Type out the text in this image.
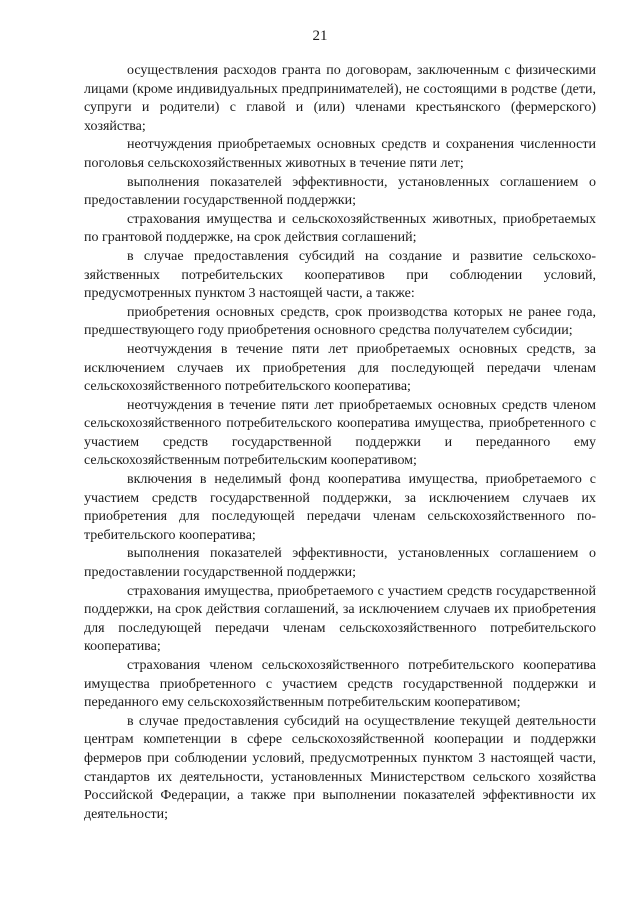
21

осуществления расходов гранта по договорам, заключенным с физическими лицами (кроме индивидуальных предпринимателей), не состоящими в родстве (дети, супруги и родители) с главой и (или) членами крестьянского (фермерского) хозяйства;

неотчуждения приобретаемых основных средств и сохранения численности поголовья сельскохозяйственных животных в течение пяти лет;

выполнения показателей эффективности, установленных соглашением о предоставлении государственной поддержки;

страхования имущества и сельскохозяйственных животных, приобретаемых по грантовой поддержке, на срок действия соглашений;

в случае предоставления субсидий на создание и развитие сельскохозяйственных потребительских кооперативов при соблюдении условий, предусмотренных пунктом 3 настоящей части, а также:

приобретения основных средств, срок производства которых не ранее года, предшествующего году приобретения основного средства получателем субсидии;

неотчуждения в течение пяти лет приобретаемых основных средств, за исключением случаев их приобретения для последующей передачи членам сельскохозяйственного потребительского кооператива;

неотчуждения в течение пяти лет приобретаемых основных средств членом сельскохозяйственного потребительского кооператива имущества, приобретенного с участием средств государственной поддержки и переданного ему сельскохозяйственным потребительским кооперативом;

включения в неделимый фонд кооператива имущества, приобретаемого с участием средств государственной поддержки, за исключением случаев их приобретения для последующей передачи членам сельскохозяйственного потребительского кооператива;

выполнения показателей эффективности, установленных соглашением о предоставлении государственной поддержки;

страхования имущества, приобретаемого с участием средств государственной поддержки, на срок действия соглашений, за исключением случаев их приобретения для последующей передачи членам сельскохозяйственного потребительского кооператива;

страхования членом сельскохозяйственного потребительского кооператива имущества приобретенного с участием средств государственной поддержки и переданного ему сельскохозяйственным потребительским кооперативом;

в случае предоставления субсидий на осуществление текущей деятельности центрам компетенции в сфере сельскохозяйственной кооперации и поддержки фермеров при соблюдении условий, предусмотренных пунктом 3 настоящей части, стандартов их деятельности, установленных Министерством сельского хозяйства Российской Федерации, а также при выполнении показателей эффективности их деятельности;
